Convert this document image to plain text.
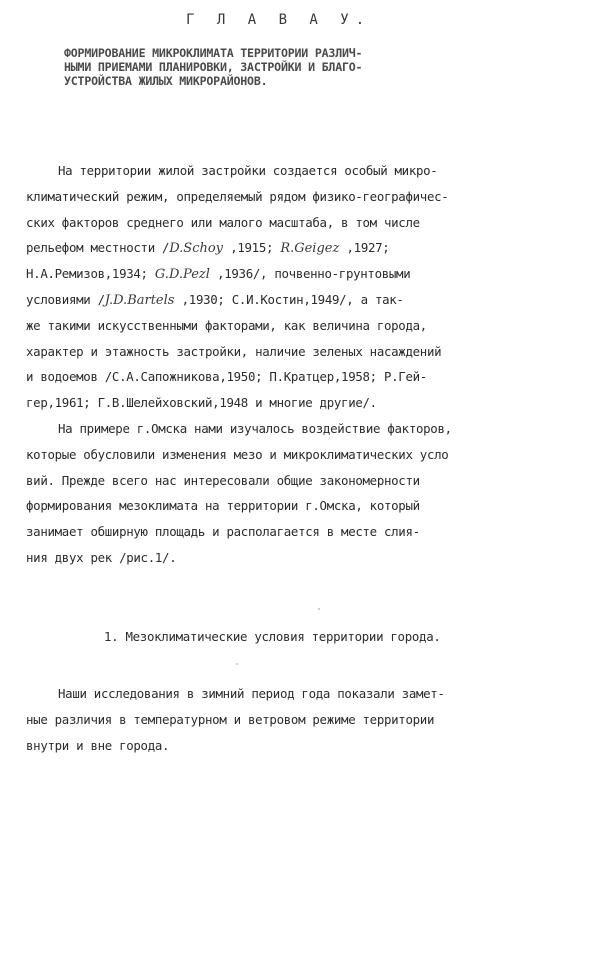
Г Л А В А У.
ФОРМИРОВАНИЕ МИКРОКЛИМАТА ТЕРРИТОРИИ РАЗЛИЧ-
НЫМИ ПРИЕМАМИ ПЛАНИРОВКИ, ЗАСТРОЙКИ И БЛАГО-
УСТРОЙСТВА ЖИЛЫХ МИКРОРАЙОНОВ.
На территории жилой застройки создается особый микро-
климатический режим, определяемый рядом физико-географичес-
ских факторов среднего или малого масштаба, в том числе
рельефом местности /D.Schoy ,1915; R.Geigez ,1927;
Н.А.Ремизов,1934; G.D.Pezl ,1936/, почвенно-грунтовыми
условиями /J.D.Bartels ,1930; С.И.Костин,1949/, а так-
же такими искусственными факторами, как величина города,
характер и этажность застройки, наличие зеленых насаждений
и водоемов /С.А.Сапожникова,1950; П.Кратцер,1958; Р.Гей-
гер,1961; Г.В.Шелейховский,1948 и многие другие/.
На примере г.Омска нами изучалось воздействие факторов,
которые обусловили изменения мезо и микроклиматических усло
вий. Прежде всего нас интересовали общие закономерности
формирования мезоклимата на территории г.Омска, который
занимает обширную площадь и располагается в месте слия-
ния двух рек /рис.1/.
1. Мезоклиматические условия территории города.
Наши исследования в зимний период года показали замет-
ные различия в температурном и ветровом режиме территории
внутри и вне города.
